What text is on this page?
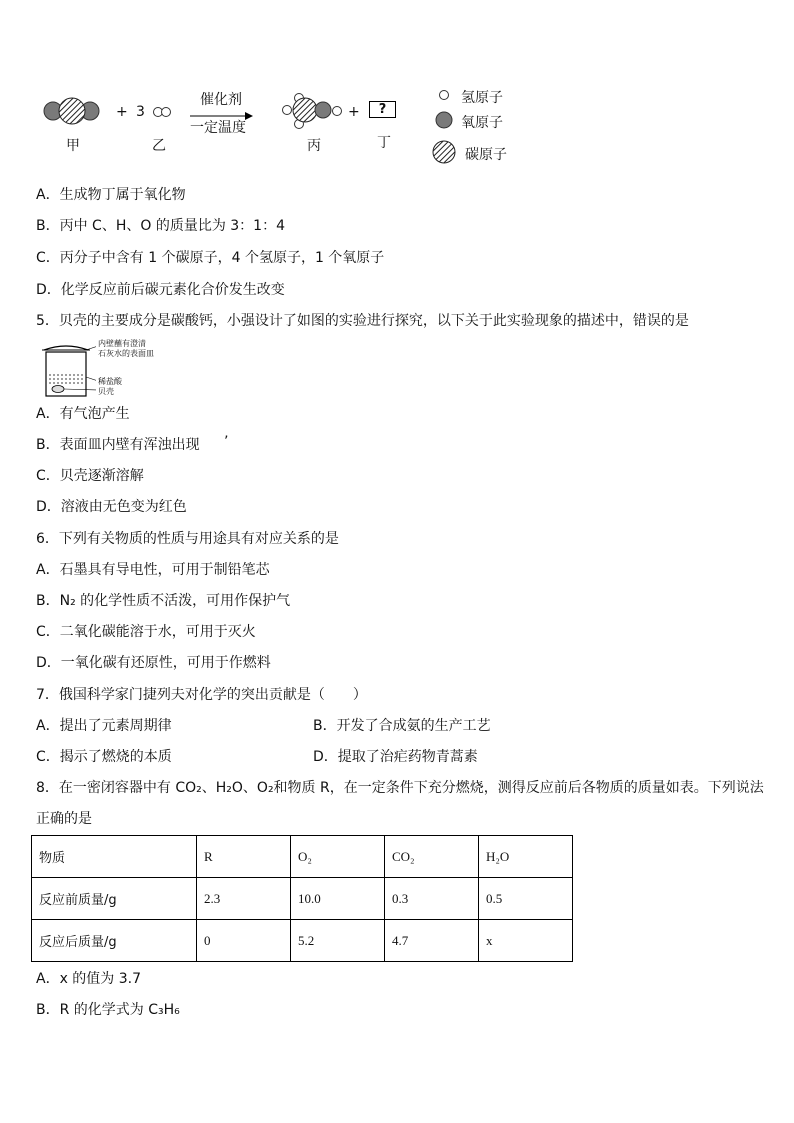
+ 3
催化剂
一定温度
+	?
甲	乙	丙	丁
氢原子
氧原子
碳原子
A．生成物丁属于氧化物
B．丙中 C、H、O 的质量比为 3：1：4
C．丙分子中含有 1 个碳原子，4 个氢原子，1 个氧原子
D．化学反应前后碳元素化合价发生改变
5．贝壳的主要成分是碳酸钙，小强设计了如图的实验进行探究，以下关于此实验现象的描述中，错误的是
内壁蘸有澄清
石灰水的表面皿
稀盐酸
贝壳
A．有气泡产生
B．表面皿内壁有浑浊出现 ’
C．贝壳逐渐溶解
D．溶液由无色变为红色
6．下列有关物质的性质与用途具有对应关系的是
A．石墨具有导电性，可用于制铅笔芯
B．N₂ 的化学性质不活泼，可用作保护气
C．二氧化碳能溶于水，可用于灭火
D．一氧化碳有还原性，可用于作燃料
7．俄国科学家门捷列夫对化学的突出贡献是（　　）
A．提出了元素周期律	B．开发了合成氨的生产工艺
C．揭示了燃烧的本质	D．提取了治疟药物青蒿素
8．在一密闭容器中有 CO₂、H₂O、O₂和物质 R，在一定条件下充分燃烧，测得反应前后各物质的质量如表。下列说法
正确的是
物质	R	O₂	CO₂	H₂O
反应前质量/g	2.3	10.0	0.3	0.5
反应后质量/g	0	5.2	4.7	x
A．x 的值为 3.7
B．R 的化学式为 C₃H₆
